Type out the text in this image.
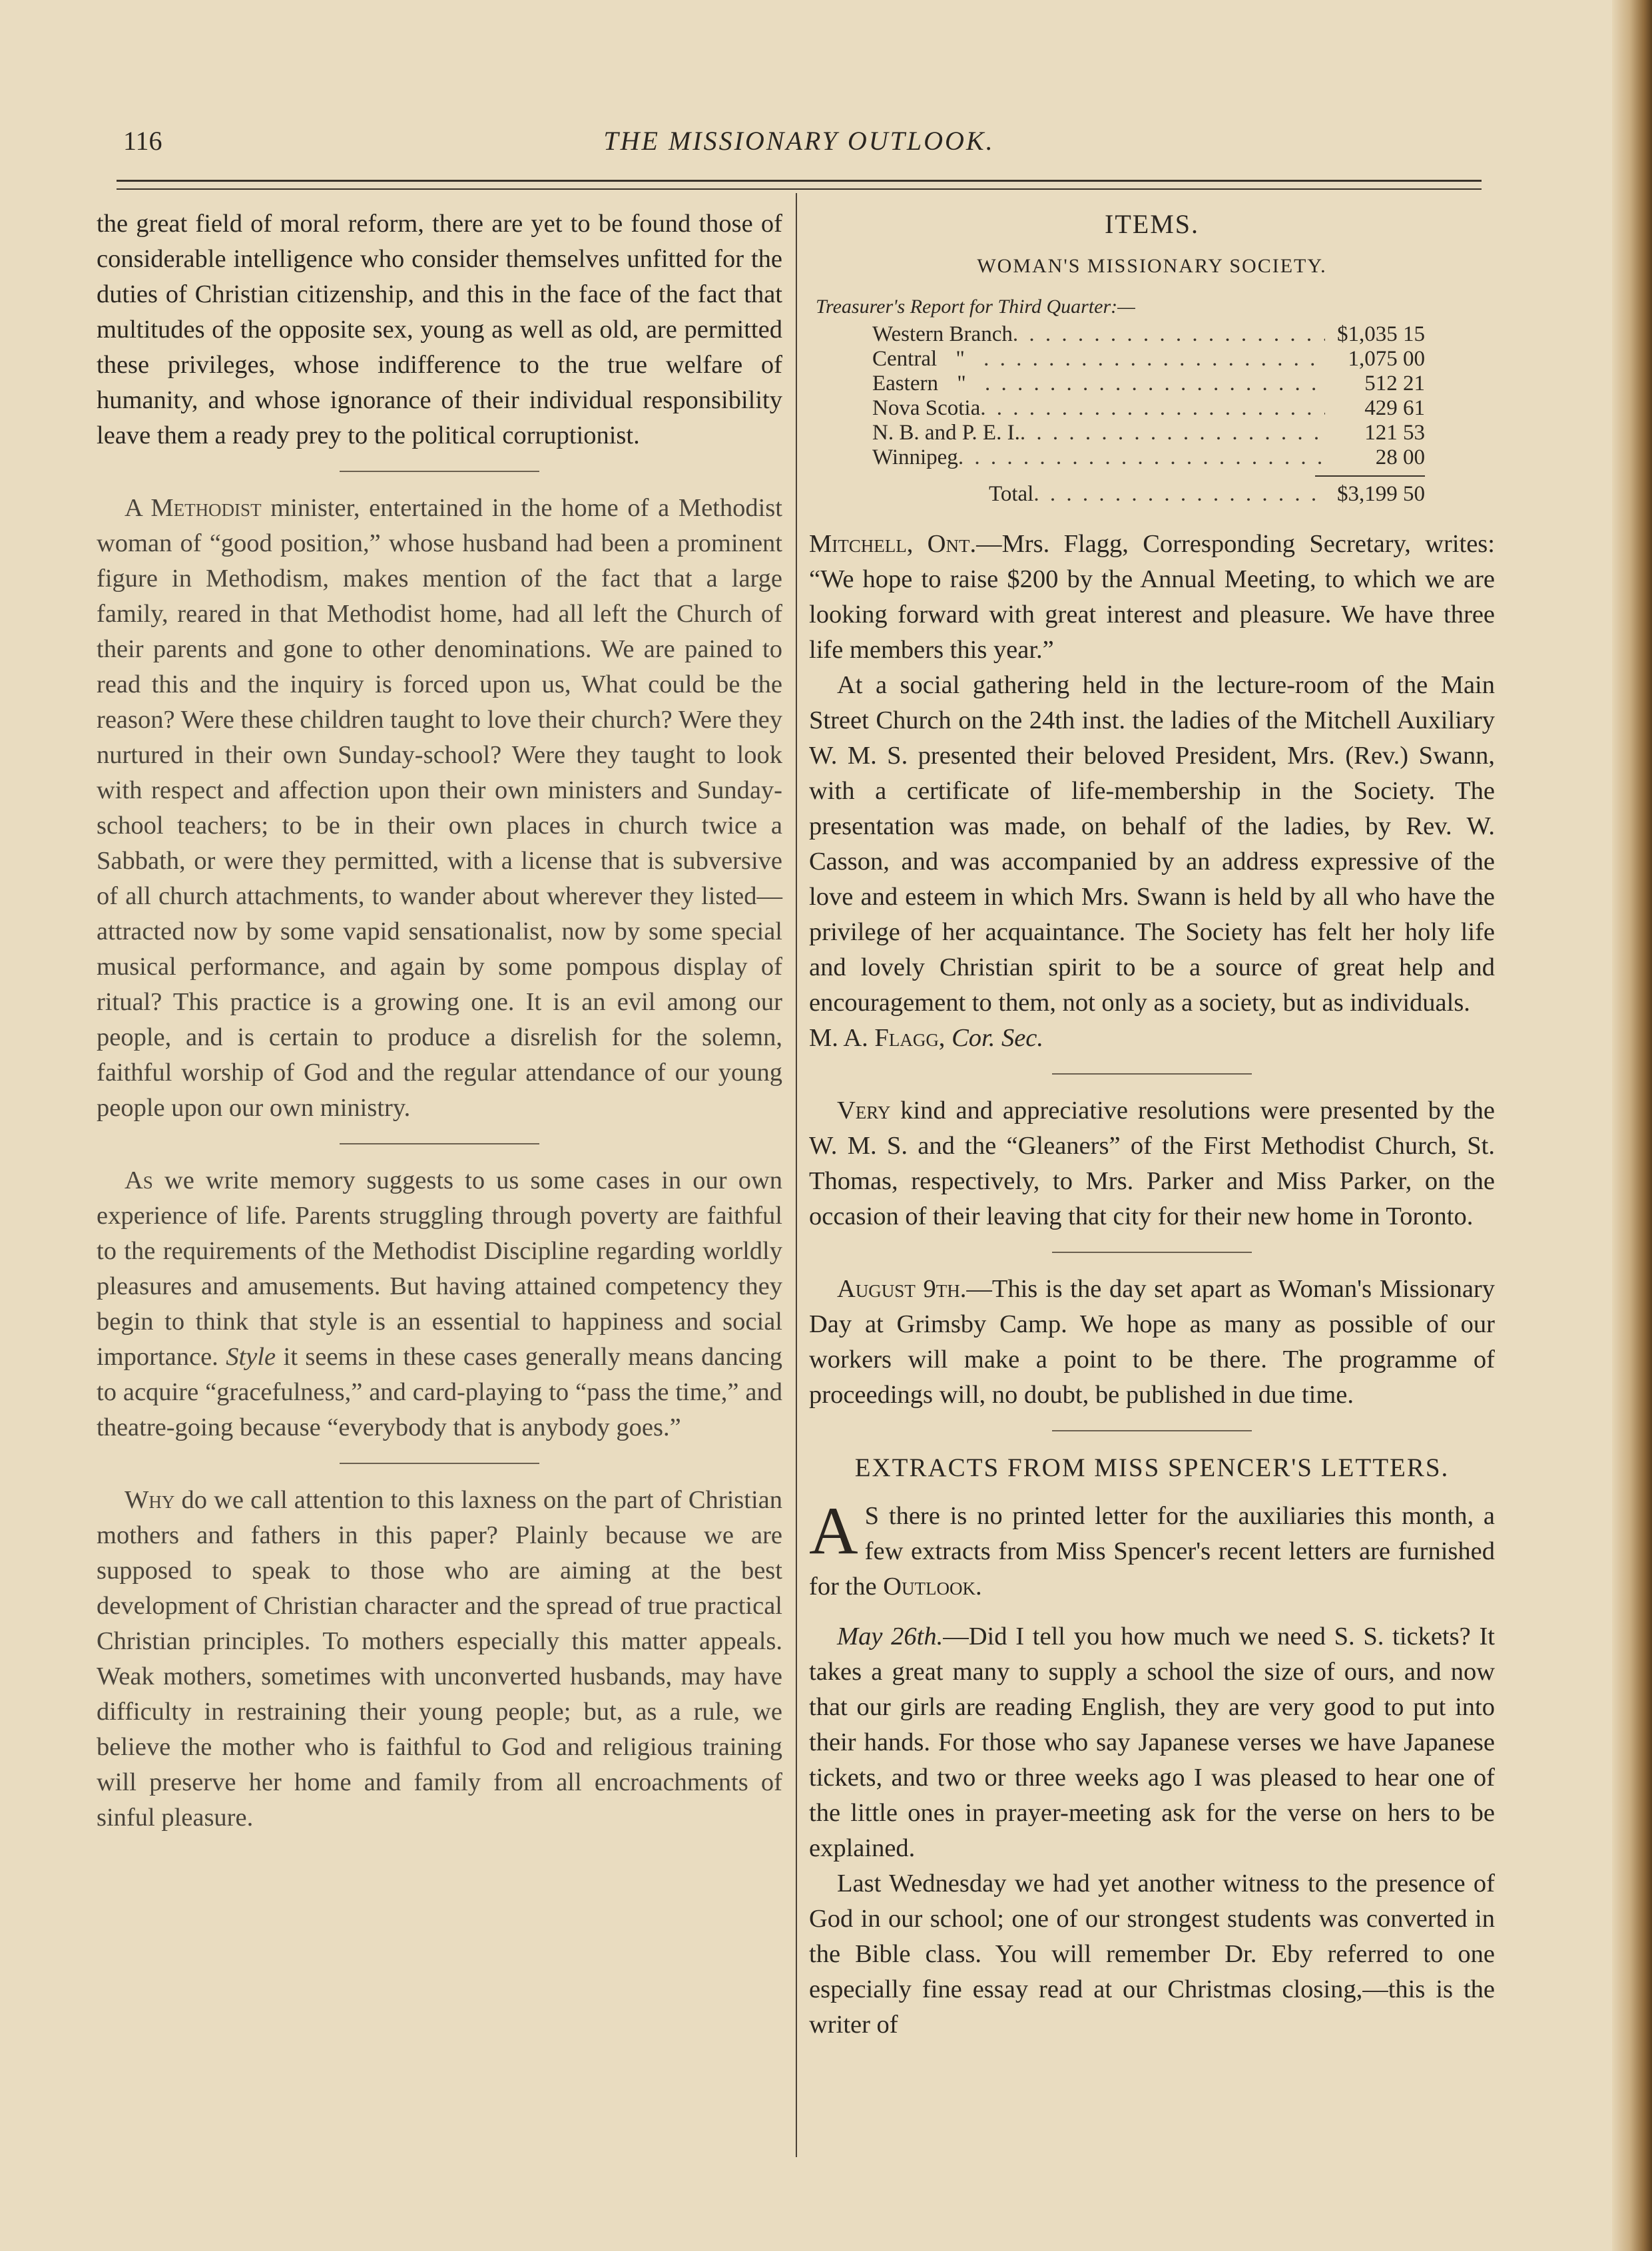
116	THE MISSIONARY OUTLOOK.

the great field of moral reform, there are yet to be found those of considerable intelligence who consider themselves unfitted for the duties of Christian citizenship, and this in the face of the fact that multitudes of the opposite sex, young as well as old, are permitted these privileges, whose indifference to the true welfare of humanity, and whose ignorance of their individual responsibility leave them a ready prey to the political corruptionist.

A Methodist minister, entertained in the home of a Methodist woman of “good position,” whose husband had been a prominent figure in Methodism, makes mention of the fact that a large family, reared in that Methodist home, had all left the Church of their parents and gone to other denominations. We are pained to read this and the inquiry is forced upon us, What could be the reason? Were these children taught to love their church? Were they nurtured in their own Sunday-school? Were they taught to look with respect and affection upon their own ministers and Sunday-school teachers; to be in their own places in church twice a Sabbath, or were they permitted, with a license that is subversive of all church attachments, to wander about wherever they listed—attracted now by some vapid sensationalist, now by some special musical performance, and again by some pompous display of ritual? This practice is a growing one. It is an evil among our people, and is certain to produce a disrelish for the solemn, faithful worship of God and the regular attendance of our young people upon our own ministry.

As we write memory suggests to us some cases in our own experience of life. Parents struggling through poverty are faithful to the requirements of the Methodist Discipline regarding worldly pleasures and amusements. But having attained competency they begin to think that style is an essential to happiness and social importance. Style it seems in these cases generally means dancing to acquire “gracefulness,” and card-playing to “pass the time,” and theatre-going because “everybody that is anybody goes.”

Why do we call attention to this laxness on the part of Christian mothers and fathers in this paper? Plainly because we are supposed to speak to those who are aiming at the best development of Christian character and the spread of true practical Christian principles. To mothers especially this matter appeals. Weak mothers, sometimes with unconverted husbands, may have difficulty in restraining their young people; but, as a rule, we believe the mother who is faithful to God and religious training will preserve her home and family from all encroachments of sinful pleasure.

ITEMS.
WOMAN'S MISSIONARY SOCIETY.
Treasurer's Report for Third Quarter:—
Western Branch . . .	$1,035 15
Central " . . .	1,075 00
Eastern " . . .	512 21
Nova Scotia . . .	429 61
N. B. and P. E. I. . . .	121 53
Winnipeg . . .	28 00
Total . . .	$3,199 50

Mitchell, Ont.—Mrs. Flagg, Corresponding Secretary, writes: “We hope to raise $200 by the Annual Meeting, to which we are looking forward with great interest and pleasure. We have three life members this year.”

At a social gathering held in the lecture-room of the Main Street Church on the 24th inst. the ladies of the Mitchell Auxiliary W. M. S. presented their beloved President, Mrs. (Rev.) Swann, with a certificate of life-membership in the Society. The presentation was made, on behalf of the ladies, by Rev. W. Casson, and was accompanied by an address expressive of the love and esteem in which Mrs. Swann is held by all who have the privilege of her acquaintance. The Society has felt her holy life and lovely Christian spirit to be a source of great help and encouragement to them, not only as a society, but as individuals.

M. A. Flagg, Cor. Sec.

Very kind and appreciative resolutions were presented by the W. M. S. and the “Gleaners” of the First Methodist Church, St. Thomas, respectively, to Mrs. Parker and Miss Parker, on the occasion of their leaving that city for their new home in Toronto.

August 9th.—This is the day set apart as Woman's Missionary Day at Grimsby Camp. We hope as many as possible of our workers will make a point to be there. The programme of proceedings will, no doubt, be published in due time.

EXTRACTS FROM MISS SPENCER'S LETTERS.

A S there is no printed letter for the auxiliaries this month, a few extracts from Miss Spencer's recent letters are furnished for the Outlook.

May 26th.—Did I tell you how much we need S. S. tickets? It takes a great many to supply a school the size of ours, and now that our girls are reading English, they are very good to put into their hands. For those who say Japanese verses we have Japanese tickets, and two or three weeks ago I was pleased to hear one of the little ones in prayer-meeting ask for the verse on hers to be explained.

Last Wednesday we had yet another witness to the presence of God in our school; one of our strongest students was converted in the Bible class. You will remember Dr. Eby referred to one especially fine essay read at our Christmas closing,—this is the writer of
